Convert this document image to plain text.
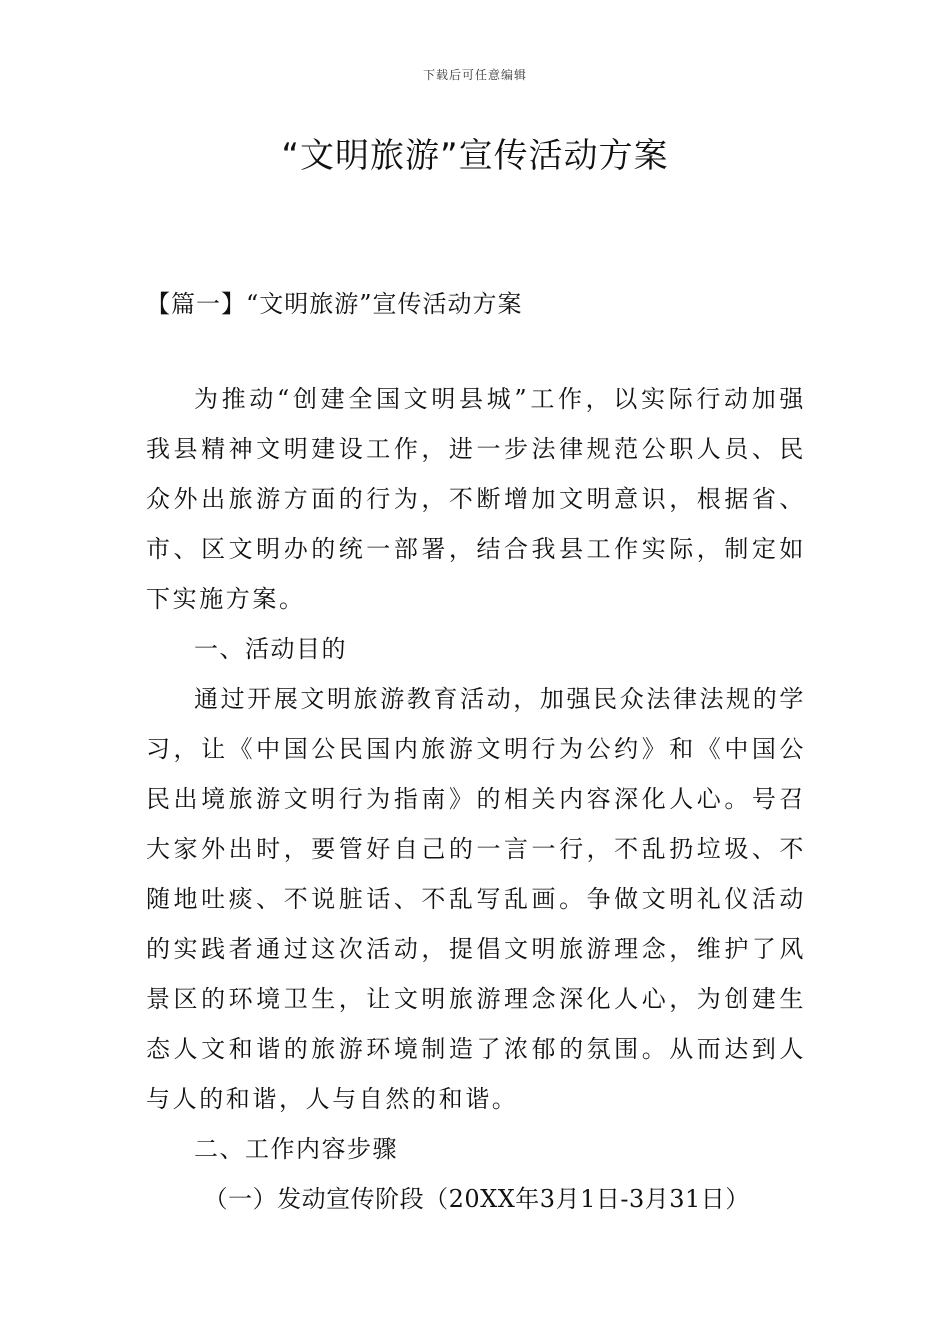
下载后可任意编辑
“文明旅游”宣传活动方案
【篇一】“文明旅游”宣传活动方案

为推动“创建全国文明县城”工作，以实际行动加强我县精神文明建设工作，进一步法律规范公职人员、民众外出旅游方面的行为，不断增加文明意识，根据省、市、区文明办的统一部署，结合我县工作实际，制定如下实施方案。

一、活动目的

通过开展文明旅游教育活动，加强民众法律法规的学习，让《中国公民国内旅游文明行为公约》和《中国公民出境旅游文明行为指南》的相关内容深化人心。号召大家外出时，要管好自己的一言一行，不乱扔垃圾、不随地吐痰、不说脏话、不乱写乱画。争做文明礼仪活动的实践者通过这次活动，提倡文明旅游理念，维护了风景区的环境卫生，让文明旅游理念深化人心，为创建生态人文和谐的旅游环境制造了浓郁的氛围。从而达到人与人的和谐，人与自然的和谐。

二、工作内容步骤

（一）发动宣传阶段（20XX年3月1日-3月31日）
